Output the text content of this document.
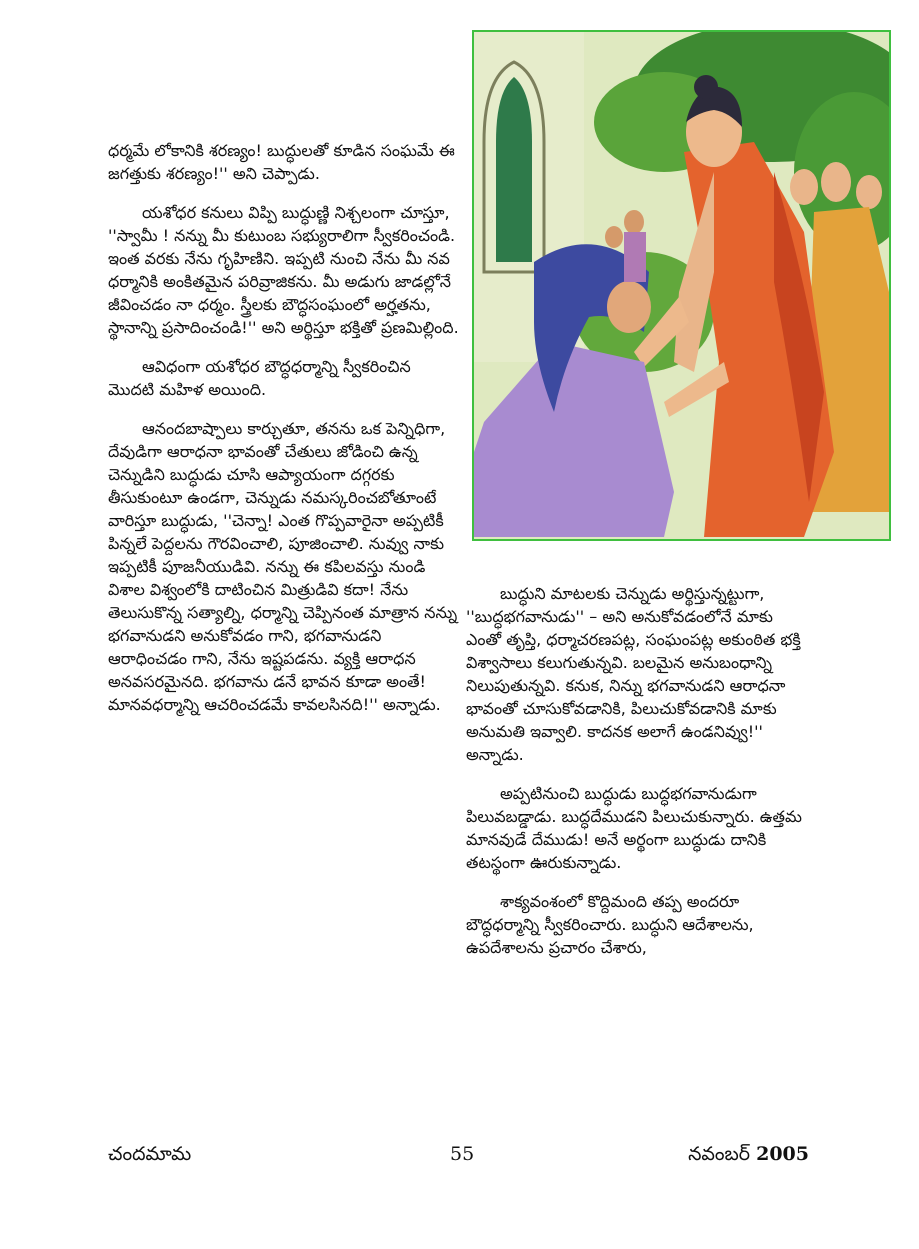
ధర్మమే లోకానికి శరణ్యం! బుద్ధులతో కూడిన సంఘమే ఈ జగత్తుకు శరణ్యం!'' అని చెప్పాడు.

యశోధర కనులు విప్పి బుద్ధుణ్ణి నిశ్చలంగా చూస్తూ, ''స్వామీ ! నన్ను మీ కుటుంబ సభ్యురాలిగా స్వీకరించండి. ఇంత వరకు నేను గృహిణిని. ఇప్పటి నుంచి నేను మీ నవ ధర్మానికి అంకితమైన పరివ్రాజికను. మీ అడుగు జాడల్లోనే జీవించడం నా ధర్మం. స్త్రీలకు బౌద్ధసంఘంలో అర్హతను, స్థానాన్ని ప్రసాదించండి!'' అని అర్థిస్తూ భక్తితో ప్రణమిల్లింది.

ఆవిధంగా యశోధర బౌద్ధధర్మాన్ని స్వీకరించిన మొదటి మహిళ అయింది.

ఆనందబాష్పాలు కార్చుతూ, తనను ఒక పెన్నిధిగా, దేవుడిగా ఆరాధనా భావంతో చేతులు జోడించి ఉన్న చెన్నుడిని బుద్ధుడు చూసి ఆప్యాయంగా దగ్గరకు తీసుకుంటూ ఉండగా, చెన్నుడు నమస్కరించబోతూంటే వారిస్తూ బుద్ధుడు, ''చెన్నా! ఎంత గొప్పవారైనా అప్పటికీ పిన్నలే పెద్దలను గౌరవించాలి, పూజించాలి. నువ్వు నాకు ఇప్పటికీ పూజనీయుడివి. నన్ను ఈ కపిలవస్తు నుండి విశాల విశ్వంలోకి దాటించిన మిత్రుడివి కదా! నేను తెలుసుకొన్న సత్యాల్ని, ధర్మాన్ని చెప్పినంత మాత్రాన నన్ను భగవానుడని అనుకోవడం గాని, భగవానుడని ఆరాధించడం గాని, నేను ఇష్టపడను. వ్యక్తి ఆరాధన అనవసరమైనది. భగవాను డనే భావన కూడా అంతే! మానవధర్మాన్ని ఆచరించడమే కావలసినది!'' అన్నాడు.

బుద్ధుని మాటలకు చెన్నుడు అర్థిస్తున్నట్టుగా, ''బుద్ధభగవానుడు'' – అని అనుకోవడంలోనే మాకు ఎంతో తృప్తి, ధర్మాచరణపట్ల, సంఘంపట్ల అకుంఠిత భక్తి విశ్వాసాలు కలుగుతున్నవి. బలమైన అనుబంధాన్ని నిలుపుతున్నవి. కనుక, నిన్ను భగవానుడని ఆరాధనా భావంతో చూసుకోవడానికి, పిలుచుకోవడానికి మాకు అనుమతి ఇవ్వాలి. కాదనక అలాగే ఉండనివ్వు!'' అన్నాడు.

అప్పటినుంచి బుద్ధుడు బుద్ధభగవానుడుగా పిలువబడ్డాడు. బుద్ధదేముడని పిలుచుకున్నారు. ఉత్తమ మానవుడే దేముడు! అనే అర్థంగా బుద్ధుడు దానికి తటస్థంగా ఊరుకున్నాడు.

శాక్యవంశంలో కొద్దిమంది తప్ప అందరూ బౌద్ధధర్మాన్ని స్వీకరించారు. బుద్ధుని ఆదేశాలను, ఉపదేశాలను ప్రచారం చేశారు,

చందమామ	55	నవంబర్ 2005
